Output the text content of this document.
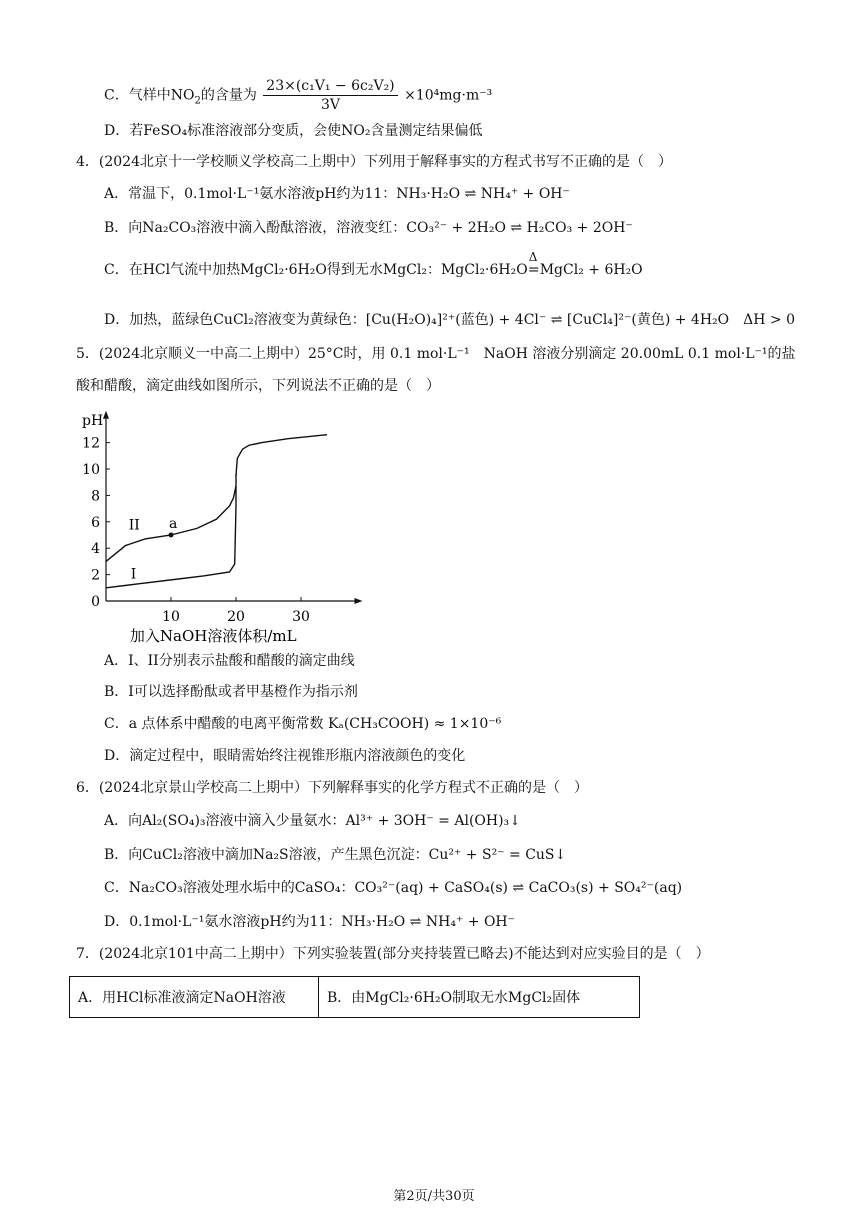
C．气样中$NO_2$的含量为 $\frac{\text{23×(c₁V₁ − 6c₂V₂)}}{3V} \times 10^4mg\cdot m^{-3}$
D．若FeSO₄标准溶液部分变质，会使NO₂含量测定结果偏低
4．(2024北京十一学校顺义学校高二上期中）下列用于解释事实的方程式书写不正确的是（　）
A．常温下，0.1mol·L⁻¹氨水溶液pH约为11：NH₃·H₂O ⇌ NH₄⁺ + OH⁻
B．向Na₂CO₃溶液中滴入酚酞溶液，溶液变红：CO₃²⁻ + 2H₂O ⇌ H₂CO₃ + 2OH⁻
C．在HCl气流中加热MgCl₂·6H₂O得到无水MgCl₂：MgCl₂·6H₂O
Δ
=MgCl₂ + 6H₂O
D．加热，蓝绿色CuCl₂溶液变为黄绿色：[Cu(H₂O)₄]²⁺(蓝色) + 4Cl⁻ ⇌ [CuCl₄]²⁻(黄色) + 4H₂O　ΔH > 0
5．(2024北京顺义一中高二上期中）25°C时，用 0.1 mol·L⁻¹　NaOH 溶液分别滴定 20.00mL 0.1 mol·L⁻¹的盐
酸和醋酸，滴定曲线如图所示，下列说法不正确的是（　）
pH
0
2
4
6
8
10
12
10	20	30
加入NaOH溶液体积/mL
a
II
I
A．I、II分别表示盐酸和醋酸的滴定曲线
B．I可以选择酚酞或者甲基橙作为指示剂
C．a 点体系中醋酸的电离平衡常数 Kₐ(CH₃COOH) ≈ 1×10⁻⁶
D．滴定过程中，眼睛需始终注视锥形瓶内溶液颜色的变化
6．(2024北京景山学校高二上期中）下列解释事实的化学方程式不正确的是（　）
A．向Al₂(SO₄)₃溶液中滴入少量氨水：Al³⁺ + 3OH⁻ = Al(OH)₃↓
B．向CuCl₂溶液中滴加Na₂S溶液，产生黑色沉淀：Cu²⁺ + S²⁻ = CuS↓
C．Na₂CO₃溶液处理水垢中的CaSO₄：CO₃²⁻(aq) + CaSO₄(s) ⇌ CaCO₃(s) + SO₄²⁻(aq)
D．0.1mol·L⁻¹氨水溶液pH约为11：NH₃·H₂O ⇌ NH₄⁺ + OH⁻
7．(2024北京101中高二上期中）下列实验装置(部分夹持装置已略去)不能达到对应实验目的是（　）
A．用HCl标准液滴定NaOH溶液	B．由MgCl₂·6H₂O制取无水MgCl₂固体
第2页/共30页
